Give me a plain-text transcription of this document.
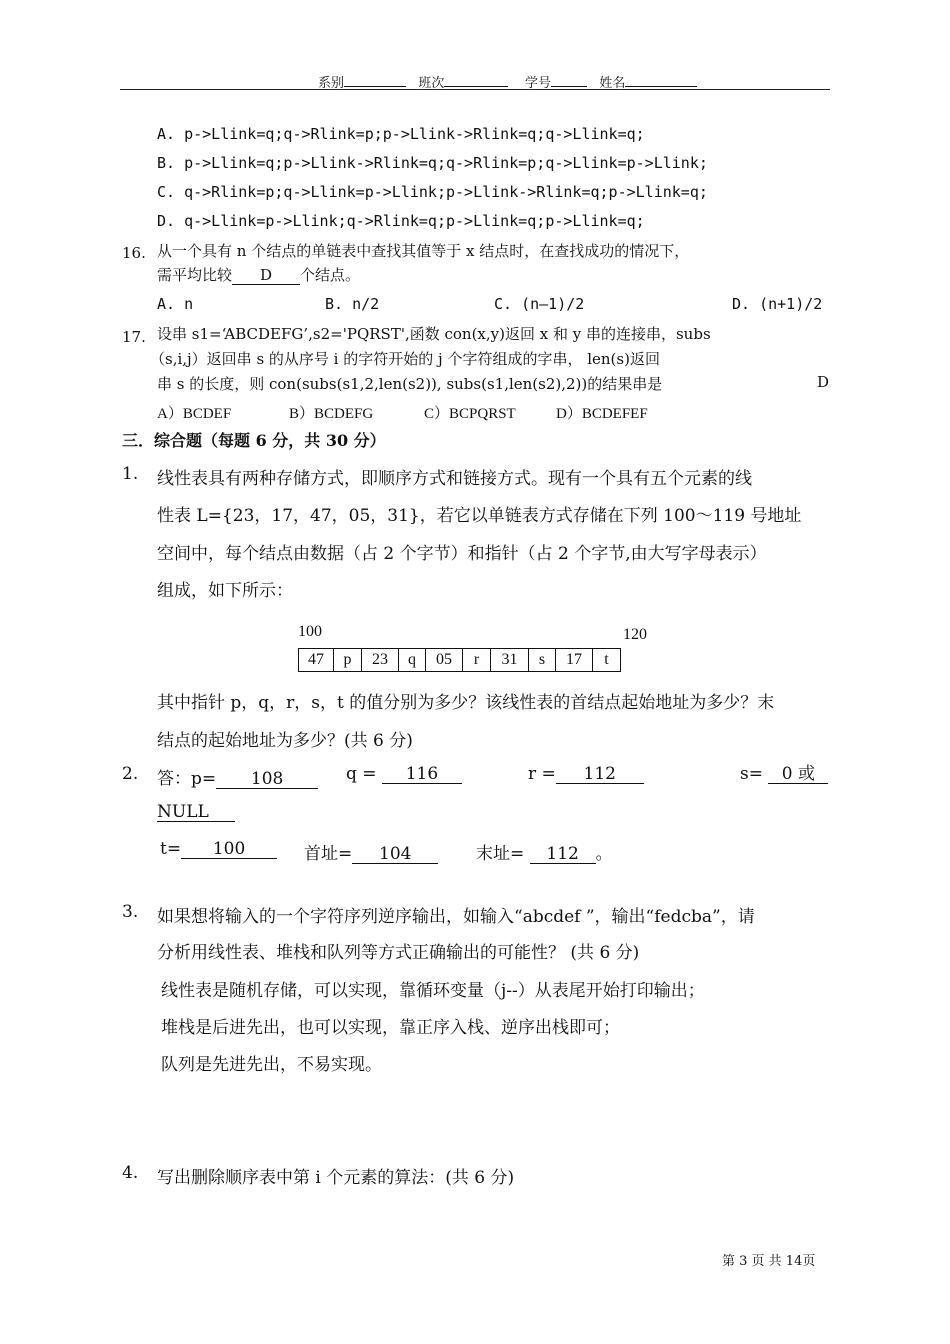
系别	班次	学号	姓名
A. p->Llink=q;q->Rlink=p;p->Llink->Rlink=q;q->Llink=q;
B. p->Llink=q;p->Llink->Rlink=q;q->Rlink=p;q->Llink=p->Llink;
C. q->Rlink=p;q->Llink=p->Llink;p->Llink->Rlink=q;p->Llink=q;
D. q->Llink=p->Llink;q->Rlink=q;p->Llink=q;p->Llink=q;
16. 从一个具有 n 个结点的单链表中查找其值等于 x 结点时，在查找成功的情况下，
需平均比较 D 个结点。
A. n	B. n/2	C. (n—1)/2	D. (n+1)/2
17. 设串 s1=‘ABCDEFG’,s2='PQRST',函数 con(x,y)返回 x 和 y 串的连接串，subs
（s,i,j）返回串 s 的从序号 i 的字符开始的 j 个字符组成的字串， len(s)返回
串 s 的长度，则 con(subs(s1,2,len(s2)), subs(s1,len(s2),2))的结果串是	D
A）BCDEF	B）BCDEFG	C）BCPQRST	D）BCDEFEF
三．综合题（每题 6 分，共 30 分）
1. 线性表具有两种存储方式，即顺序方式和链接方式。现有一个具有五个元素的线
性表 L={23，17，47，05，31}，若它以单链表方式存储在下列 100～119 号地址
空间中，每个结点由数据（占 2 个字节）和指针（占 2 个字节,由大写字母表示）
组成，如下所示：
100	120
47	p	23	q	05	r	31	s	17	t
其中指针 p，q，r，s，t 的值分别为多少？该线性表的首结点起始地址为多少？末
结点的起始地址为多少？(共 6 分)
2. 答：p= 108	q = 116	r = 112	s= 0 或
NULL
t= 100	首址= 104	末址= 112 。
3. 如果想将输入的一个字符序列逆序输出，如输入“abcdef ”，输出“fedcba”，请
分析用线性表、堆栈和队列等方式正确输出的可能性？ (共 6 分)
线性表是随机存储，可以实现，靠循环变量（j--）从表尾开始打印输出；
堆栈是后进先出，也可以实现，靠正序入栈、逆序出栈即可；
队列是先进先出，不易实现。
4. 写出删除顺序表中第 i 个元素的算法：(共 6 分)
第 3 页 共 14页
